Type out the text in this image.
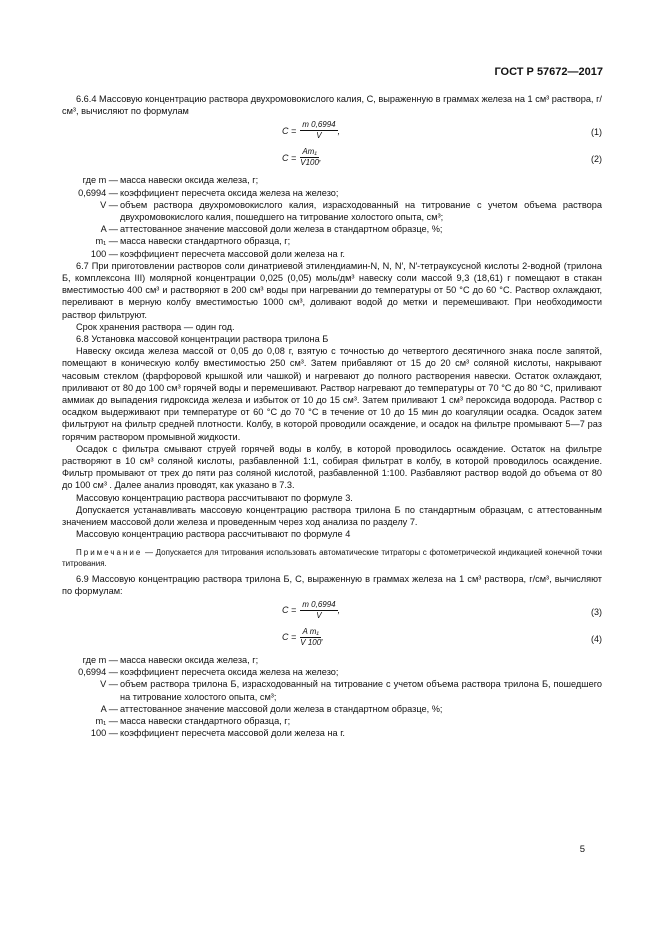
ГОСТ Р 57672—2017

6.6.4 Массовую концентрацию раствора двухромовокислого калия, C, выраженную в граммах железа на 1 см³ раствора, г/см³, вычисляют по формулам

$C = \frac{m 0,6994}{V}$ ,	(1)
$C = \frac{\text{Am₁}}{V100}$ ,	(2)
где m — масса навески оксида железа, г;
0,6994 — коэффициент пересчета оксида железа на железо;
V — объем раствора двухромовокислого калия, израсходованный на титрование с учетом объема раствора двухромовокислого калия, пошедшего на титрование холостого опыта, см³;
A — аттестованное значение массовой доли железа в стандартном образце, %;
m₁ — масса навески стандартного образца, г;
100 — коэффициент пересчета массовой доли железа на г.

6.7 При приготовлении растворов соли динатриевой этилендиамин-N, N, N′, N′-тетрауксусной кислоты 2-водной (трилона Б, комплексона III) молярной концентрации 0,025 (0,05) моль/дм³ навеску соли массой 9,3 (18,61) г помещают в стакан вместимостью 400 см³ и растворяют в 200 см³ воды при нагревании до температуры от 50 °С до 60 °С. Раствор охлаждают, переливают в мерную колбу вместимостью 1000 см³, доливают водой до метки и перемешивают. При необходимости раствор фильтруют.

Срок хранения раствора — один год.

6.8 Установка массовой концентрации раствора трилона Б

Навеску оксида железа массой от 0,05 до 0,08 г, взятую с точностью до четвертого десятичного знака после запятой, помещают в коническую колбу вместимостью 250 см³. Затем прибавляют от 15 до 20 см³ соляной кислоты, накрывают часовым стеклом (фарфоровой крышкой или чашкой) и нагревают до полного растворения навески. Остаток охлаждают, приливают от 80 до 100 см³ горячей воды и перемешивают. Раствор нагревают до температуры от 70 °С до 80 °С, приливают аммиак до выпадения гидроксида железа и избыток от 10 до 15 см³. Затем приливают 1 см³ пероксида водорода. Раствор с осадком выдерживают при температуре от 60 °С до 70 °С в течение от 10 до 15 мин до коагуляции осадка. Осадок затем фильтруют на фильтр средней плотности. Колбу, в которой проводили осаждение, и осадок на фильтре промывают 5—7 раз горячим раствором промывной жидкости.

Осадок с фильтра смывают струей горячей воды в колбу, в которой проводилось осаждение. Остаток на фильтре растворяют в 10 см³ соляной кислоты, разбавленной 1:1, собирая фильтрат в колбу, в которой проводилось осаждение. Фильтр промывают от трех до пяти раз соляной кислотой, разбавленной 1:100. Разбавляют раствор водой до объема от 80 до 100 см³ . Далее анализ проводят, как указано в 7.3.

Массовую концентрацию раствора рассчитывают по формуле 3.

Допускается устанавливать массовую концентрацию раствора трилона Б по стандартным образцам, с аттестованным значением массовой доли железа и проведенным через ход анализа по разделу 7.

Массовую концентрацию раствора рассчитывают по формуле 4

Примечание — Допускается для титрования использовать автоматические титраторы с фотометрической индикацией конечной точки титрования.

6.9 Массовую концентрацию раствора трилона Б, C, выраженную в граммах железа на 1 см³ раствора, г/см³, вычисляют по формулам:

$C = \frac{m 0,6994}{V}$ ,	(3)
$C = \frac{\text{A m₁}}{V 100}$ ,	(4)
где m — масса навески оксида железа, г;
0,6994 — коэффициент пересчета оксида железа на железо;
V — объем раствора трилона Б, израсходованный на титрование с учетом объема раствора трилона Б, пошедшего на титрование холостого опыта, см³;
A — аттестованное значение массовой доли железа в стандартном образце, %;
m₁ — масса навески стандартного образца, г;
100 — коэффициент пересчета массовой доли железа на г.
5
